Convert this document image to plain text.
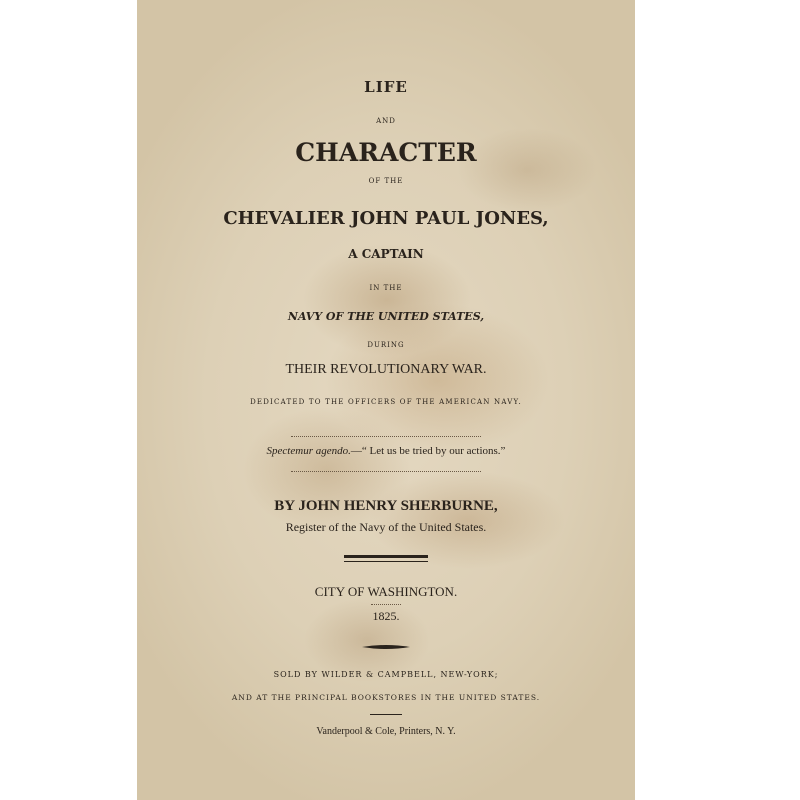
LIFE
AND
CHARACTER
OF THE
CHEVALIER JOHN PAUL JONES,
A CAPTAIN
IN THE
NAVY OF THE UNITED STATES,
DURING
THEIR REVOLUTIONARY WAR.
DEDICATED TO THE OFFICERS OF THE AMERICAN NAVY.
Spectemur agendo.—“ Let us be tried by our actions.”
BY JOHN HENRY SHERBURNE,
Register of the Navy of the United States.
CITY OF WASHINGTON.
1825.
SOLD BY WILDER & CAMPBELL, NEW-YORK;
AND AT THE PRINCIPAL BOOKSTORES IN THE UNITED STATES.
Vanderpool & Cole, Printers, N. Y.
